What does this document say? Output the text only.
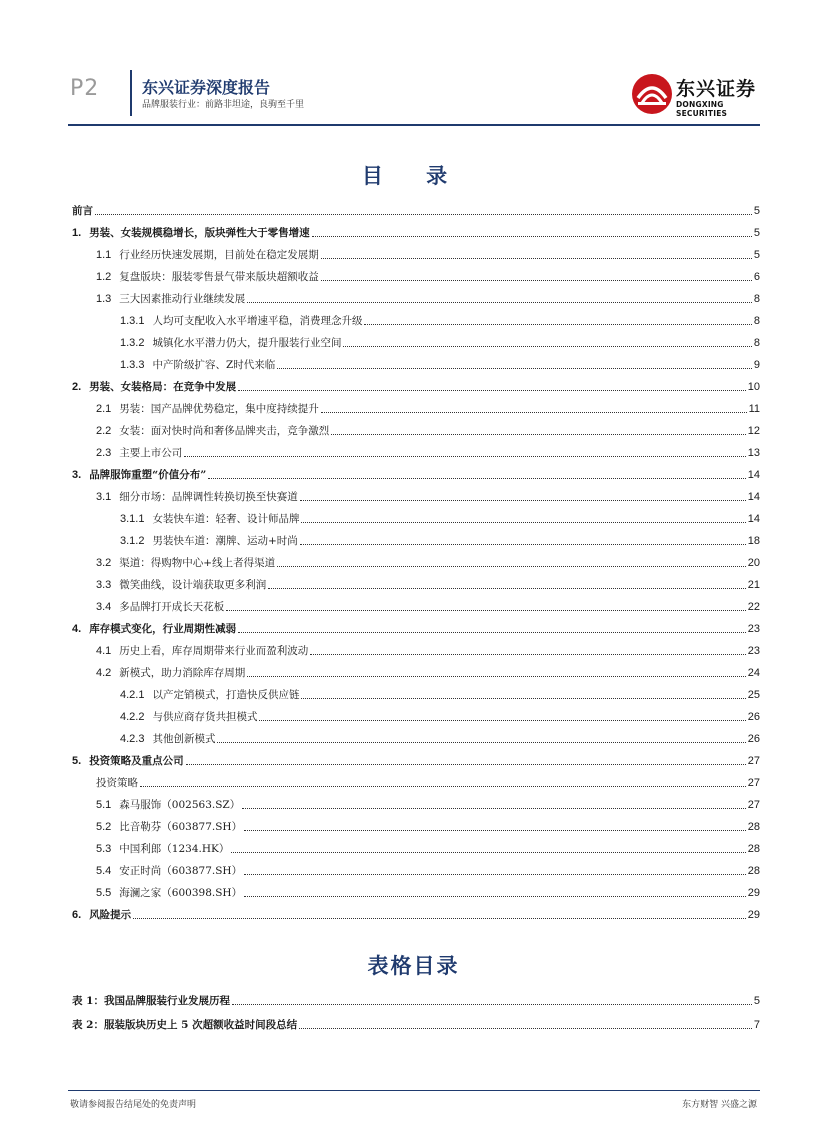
P2	东兴证券深度报告
品牌服装行业：前路非坦途，良驹至千里
东兴证券
DONGXING SECURITIES
目 录
前言	5
1. 男装、女装规模稳增长，版块弹性大于零售增速	5
1.1 行业经历快速发展期，目前处在稳定发展期	5
1.2 复盘版块：服装零售景气带来版块超额收益	6
1.3 三大因素推动行业继续发展	8
1.3.1 人均可支配收入水平增速平稳，消费理念升级	8
1.3.2 城镇化水平潜力仍大，提升服装行业空间	8
1.3.3 中产阶级扩容、Z时代来临	9
2. 男装、女装格局：在竞争中发展	10
2.1 男装：国产品牌优势稳定，集中度持续提升	11
2.2 女装：面对快时尚和奢侈品牌夹击，竞争激烈	12
2.3 主要上市公司	13
3. 品牌服饰重塑“价值分布”	14
3.1 细分市场：品牌调性转换切换至快赛道	14
3.1.1 女装快车道：轻奢、设计师品牌	14
3.1.2 男装快车道：潮牌、运动+时尚	18
3.2 渠道：得购物中心+线上者得渠道	20
3.3 微笑曲线，设计端获取更多利润	21
3.4 多品牌打开成长天花板	22
4. 库存模式变化，行业周期性减弱	23
4.1 历史上看，库存周期带来行业而盈利波动	23
4.2 新模式，助力消除库存周期	24
4.2.1 以产定销模式，打造快反供应链	25
4.2.2 与供应商存货共担模式	26
4.2.3 其他创新模式	26
5. 投资策略及重点公司	27
投资策略	27
5.1 森马服饰（002563.SZ）	27
5.2 比音勒芬（603877.SH）	28
5.3 中国利郎（1234.HK）	28
5.4 安正时尚（603877.SH）	28
5.5 海澜之家（600398.SH）	29
6. 风险提示	29
表格目录
表 1：我国品牌服装行业发展历程	5
表 2：服装版块历史上 5 次超额收益时间段总结	7
敬请参阅报告结尾处的免责声明	东方财智 兴盛之源
